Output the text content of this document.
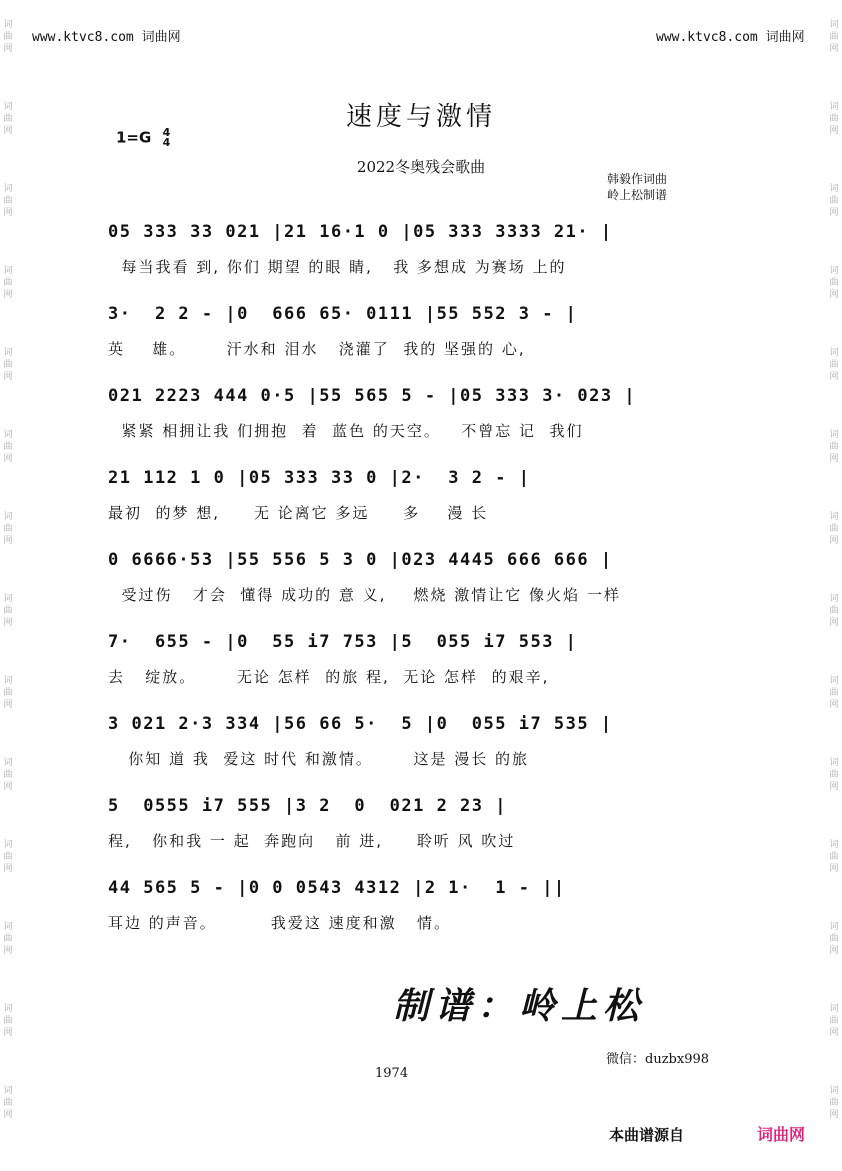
词
曲
网
词
曲
网
词
曲
网
词
曲
网
词
曲
网
词
曲
网
词
曲
网
词
曲
网
词
曲
网
词
曲
网
词
曲
网
词
曲
网
词
曲
网
词
曲
网
词
曲
网
词
曲
网
词
曲
网
词
曲
网
词
曲
网
词
曲
网
词
曲
网
词
曲
网
词
曲
网
词
曲
网
词
曲
网
词
曲
网
词
曲
网
词
曲
网
www.ktvc8.com 词曲网	www.ktvc8.com 词曲网
速度与激情
1=G 4
4
2022冬奥残会歌曲
韩毅作词曲
岭上松制谱
05 333 33 021 |21 16·1 0 |05 333 3333 21· |
每当我看 到, 你们 期望 的眼 睛,   我 多想成 为赛场 上的
3·  2 2 - |0  666 65· 0111 |55 552 3 - |
英    雄。      汗水和 泪水   浇灌了  我的 坚强的 心,
021 2223 444 0·5 |55 565 5 - |05 333 3· 023 |
紧紧 相拥让我 们拥抱  着  蓝色 的天空。   不曾忘 记  我们
21 112 1 0 |05 333 33 0 |2·  3 2 - |
最初  的梦 想,     无 论离它 多远     多    漫 长
0 6666·53 |55 556 5 3 0 |023 4445 666 666 |
受过伤   才会  懂得 成功的 意 义,    燃烧 激情让它 像火焰 一样
7·  655 - |0  55 i7 753 |5  055 i7 553 |
去   绽放。      无论 怎样  的旅 程,  无论 怎样  的艰辛,
3 021 2·3 334 |56 66 5·  5 |0  055 i7 535 |
你知 道 我  爱这 时代 和激情。      这是 漫长 的旅
5  0555 i7 555 |3 2  0  021 2 23 |
程,   你和我 一 起  奔跑向   前 进,     聆听 风 吹过
44 565 5 - |0 0 0543 4312 |2 1·  1 - ||
耳边 的声音。        我爱这 速度和激   情。
制谱：岭上松
微信：duzbx998
1974
本曲谱源自	词曲网
